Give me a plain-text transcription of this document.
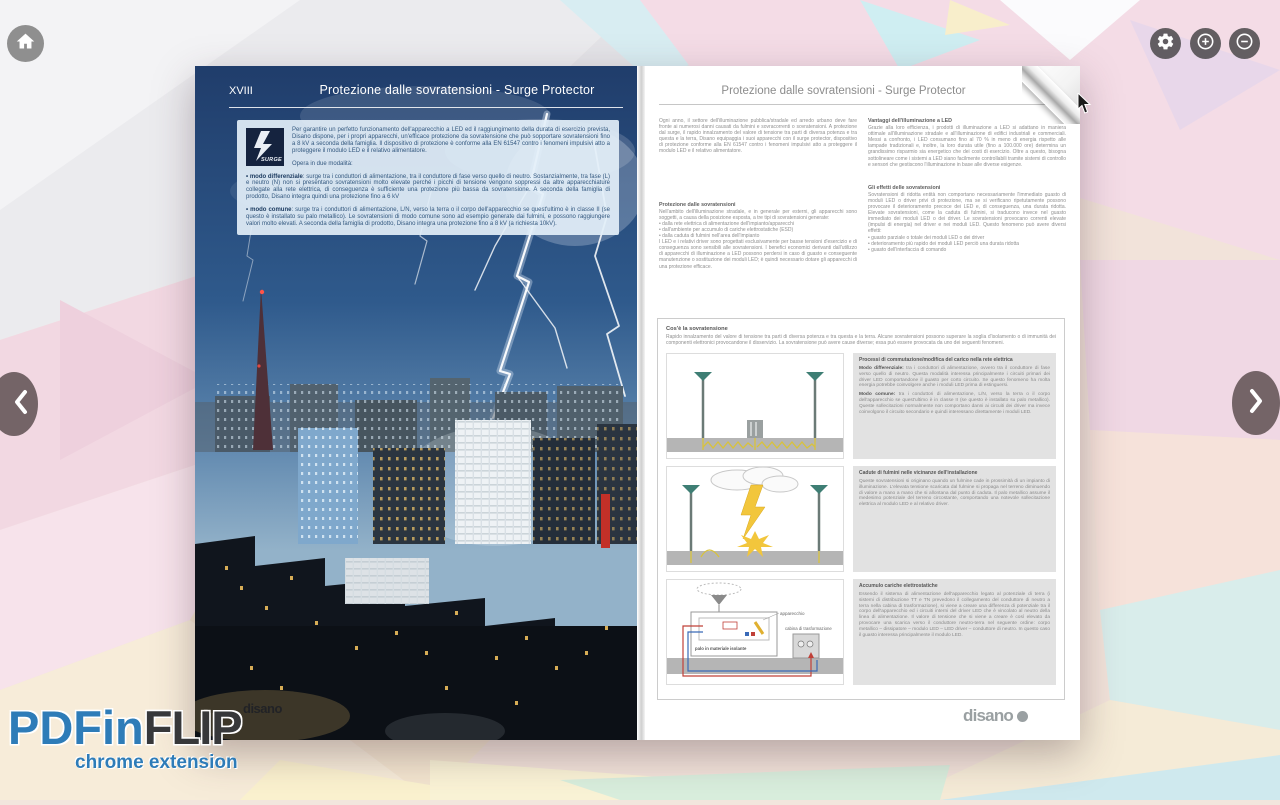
XVIII	Protezione dalle sovratensioni - Surge Protector

SURGE
Per garantire un perfetto funzionamento dell'apparecchio a LED ed il raggiungimento della durata di esercizio prevista, Disano dispone, per i propri apparecchi, un'efficace protezione da sovratensione che può sopportare sovratensioni fino a 8 kV a seconda della famiglia. Il dispositivo di protezione è conforme alla EN 61547 contro i fenomeni impulsivi atto a proteggere il modulo LED e il relativo alimentatore.

Opera in due modalità:

• modo differenziale: surge tra i conduttori di alimentazione, tra il conduttore di fase verso quello di neutro. Sostanzialmente, tra fase (L) e neutro (N) non si presentano sovratensioni molto elevate perché i picchi di tensione vengono soppressi da altre apparecchiature collegate alla rete elettrica, di conseguenza è sufficiente una protezione più bassa da sovratensione. A seconda della famiglia di prodotto, Disano integra quindi una protezione fino a 6 kV

• modo comune: surge tra i conduttori di alimentazione, L/N, verso la terra o il corpo dell'apparecchio se quest'ultimo è in classe II (se questo è installato su palo metallico). Le sovratensioni di modo comune sono ad esempio generate dai fulmini, e possono raggiungere valori molto elevati. A seconda della famiglia di prodotto, Disano integra una protezione fino a 8 kV (a richiesta 10kV).

disano
Protezione dalle sovratensioni - Surge Protector

Ogni anno, il settore dell'illuminazione pubblica/stradale ed arredo urbano deve fare fronte ai numerosi danni causati da fulmini e sovracorrenti o sovratensioni. A protezione dal surge, il rapido innalzamento del valore di tensione tra parti di diversa potenza e tra questa e la terra, Disano equipaggia i suoi apparecchi con il surge protector, dispositivo di protezione conforme alla EN 61547 contro i fenomeni impulsivi atto a proteggere il modulo LED e il relativo alimentatore.

Protezione dalle sovratensioni

Nell'ambito dell'illuminazione stradale, e in generale per esterni, gli apparecchi sono soggetti, a causa della posizione esposta, a tre tipi di sovratensioni generate:

• dalla rete elettrica di alimentazione dell'impianto/apparecchi

• dall'ambiente per accumulo di cariche elettrostatiche (ESD)

• dalla caduta di fulmini nell'area dell'impianto

I LED e i relativi driver sono progettati esclusivamente per basse tensioni d'esercizio e di conseguenza sono sensibili alle sovratensioni. I benefici economici derivanti dall'utilizzo di apparecchi di illuminazione a LED possono perdersi in caso di guasto e conseguente manutenzione o sostituzione dei moduli LED; è quindi necessario dotare gli apparecchi di una protezione efficace.

Vantaggi dell'illuminazione a LED

Grazie alla loro efficienza, i prodotti di illuminazione a LED si adattano in maniera ottimale all'illuminazione stradale e all'illuminazione di edifici industriali e commerciali. Messi a confronto, i LED consumano fino al 70 % in meno di energia rispetto alle lampade tradizionali e, inoltre, la loro durata utile (fino a 100.000 ore) determina un grandissimo risparmio sia energetico che dei costi di esercizio. Oltre a questo, bisogna sottolineare come i sistemi a LED siano facilmente controllabili tramite sistemi di controllo e sensori che gestiscono l'illuminazione in base alle diverse esigenze.

Gli effetti delle sovratensioni

Sovratensioni di ridotta entità non comportano necessariamente l'immediato guasto di moduli LED o driver privi di protezione, ma se si verificano ripetutamente possono provocare il deterioramento precoce dei LED e, di conseguenza, una durata ridotta. Elevate sovratensioni, come la caduta di fulmini, si traducono invece nel guasto immediato dei moduli LED o dei driver. Le sovratensioni provocano correnti elevate (impulsi di energia) nel driver e nei moduli LED. Questo fenomeno può avere diversi effetti:

• guasto parziale o totale dei moduli LED o dei driver

• deterioramento più rapido dei moduli LED perciò una durata ridotta

• guasto dell'interfaccia di comando

Cos'è la sovratensione
Rapido innalzamento del valore di tensione tra parti di diversa potenza e tra questa e la terra. Alcune sovratensioni possono superare la soglia d'isolamento o di immunità dei componenti elettronici provocandone il disservizio. La sovratensione può avere cause diverse; essa può essere provocata da uno dei seguenti fenomeni.
Processi di commutazione/modifica del carico nella rete elettrica

Modo differenziale: tra i conduttori di alimentazione, ovvero tra il conduttore di fase verso quello di neutro. Questa modalità interessa principalmente i circuiti primari dei driver LED comportandone il guasto per corto circuito. Se questo fenomeno ha molta energia potrebbe coinvolgere anche i moduli LED prima di estinguersi.

Modo comune: tra i conduttori di alimentazione, L/N, verso la terra o il corpo dell'apparecchio se quest'ultimo è in classe II (se questo è installato su palo metallico). Queste sollecitazioni normalmente non comportano danni ai circuiti dei driver ma invece coinvolgono il circuito secondario e quindi interessano direttamente i moduli LED.

Cadute di fulmini nelle vicinanze dell'installazione

Queste sovratensioni si originano quando un fulmine cade in prossimità di un impianto di illuminazione. L'elevata tensione scaricata dal fulmine si propaga nel terreno diminuendo di valore a mano a mano che si allontana dal punto di caduta. Il palo metallico assume il medesimo potenziale del terreno circostante, comportando una notevole sollecitazione elettrica al modulo LED e al relativo driver.

apparecchio
palo in materiale isolante
cabina di trasformazione
Accumulo cariche elettrostatiche

Essendo il sistema di alimentazione dell'apparecchio legato al potenziale di terra (i sistemi di distribuzione TT e TN prevedono il collegamento del conduttore di neutro a terra nella cabina di trasformazione), si viene a creare una differenza di potenziale tra il corpo dell'apparecchio ed i circuiti interni del driver LED che è vincolato al neutro della linea di alimentazione. Il valore di tensione che si viene a creare è così elevato da provocare una scarica verso il conduttore neutro-terra nel seguente ordine: corpo metallico – dissipatore – modulo LED – LED driver – conduttore di neutro. In questo caso il guasto interessa principalmente il modulo LED.

disano
PDFinFLIP
chrome extension
